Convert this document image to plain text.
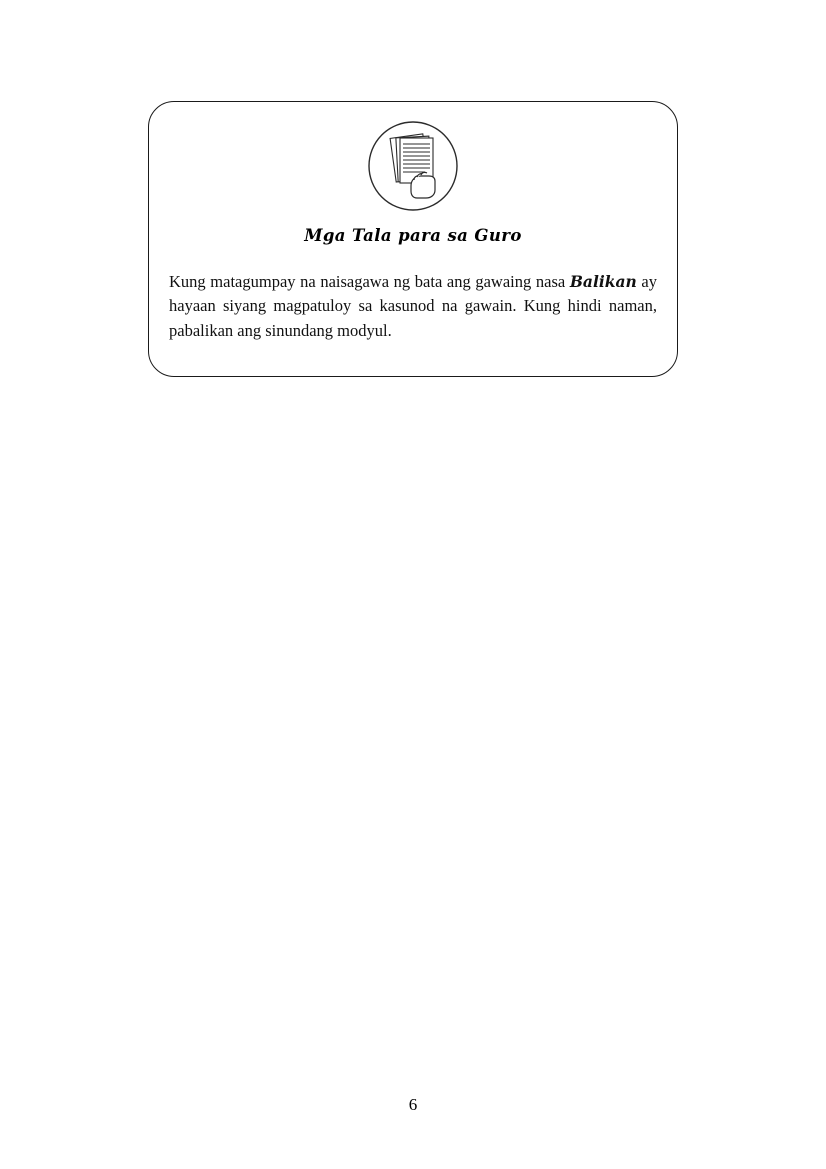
Mga Tala para sa Guro
Kung matagumpay na naisagawa ng bata ang gawaing nasa Balikan ay hayaan siyang magpatuloy sa kasunod na gawain. Kung hindi naman, pabalikan ang sinundang modyul.
6
